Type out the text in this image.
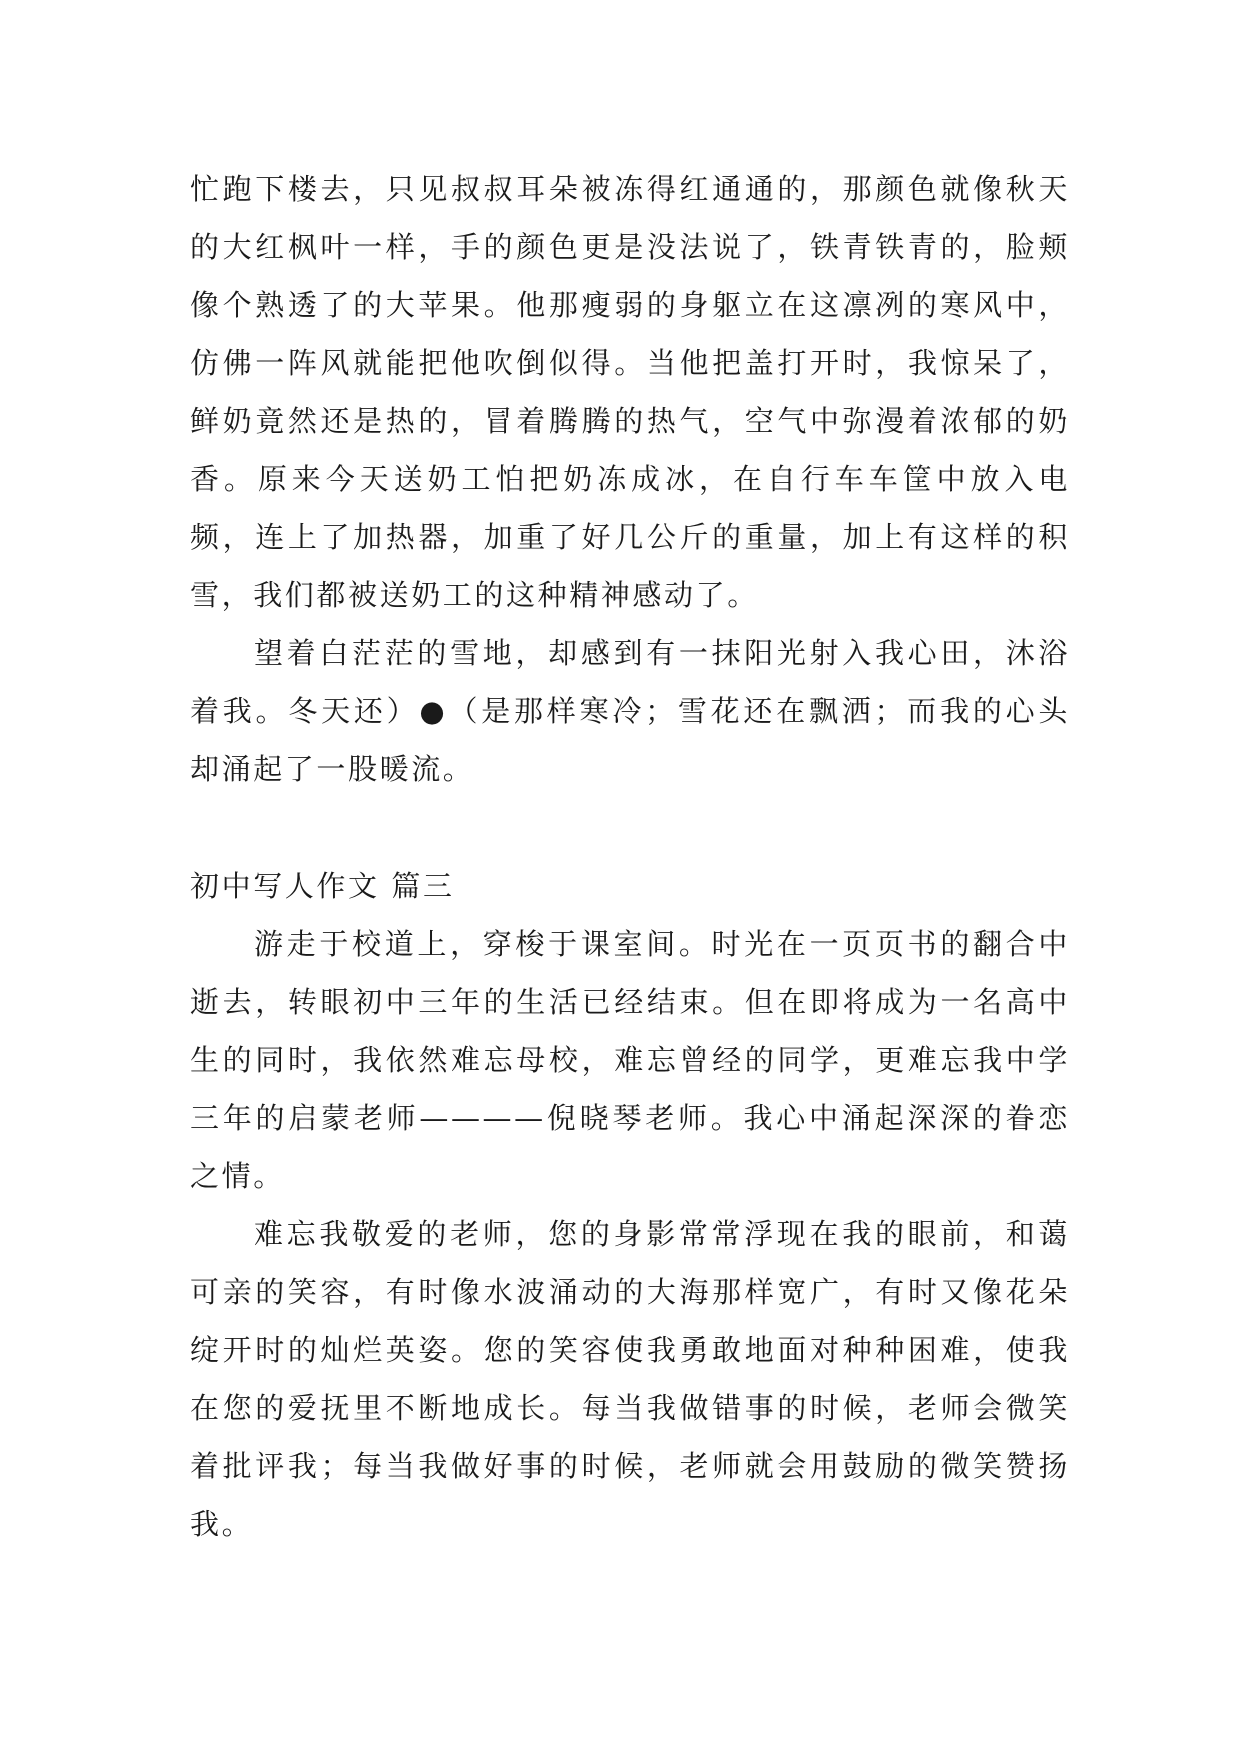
忙跑下楼去，只见叔叔耳朵被冻得红通通的，那颜色就像秋天的大红枫叶一样，手的颜色更是没法说了，铁青铁青的，脸颊像个熟透了的大苹果。他那瘦弱的身躯立在这凛冽的寒风中，仿佛一阵风就能把他吹倒似得。当他把盖打开时，我惊呆了，鲜奶竟然还是热的，冒着腾腾的热气，空气中弥漫着浓郁的奶香。原来今天送奶工怕把奶冻成冰，在自行车车筐中放入电频，连上了加热器，加重了好几公斤的重量，加上有这样的积雪，我们都被送奶工的这种精神感动了。

望着白茫茫的雪地，却感到有一抹阳光射入我心田，沐浴着我。冬天还）●（是那样寒冷；雪花还在飘洒；而我的心头却涌起了一股暖流。

初中写人作文 篇三

游走于校道上，穿梭于课室间。时光在一页页书的翻合中逝去，转眼初中三年的生活已经结束。但在即将成为一名高中生的同时，我依然难忘母校，难忘曾经的同学，更难忘我中学三年的启蒙老师————倪晓琴老师。我心中涌起深深的眷恋之情。

难忘我敬爱的老师，您的身影常常浮现在我的眼前，和蔼可亲的笑容，有时像水波涌动的大海那样宽广，有时又像花朵绽开时的灿烂英姿。您的笑容使我勇敢地面对种种困难，使我在您的爱抚里不断地成长。每当我做错事的时候，老师会微笑着批评我；每当我做好事的时候，老师就会用鼓励的微笑赞扬我。
